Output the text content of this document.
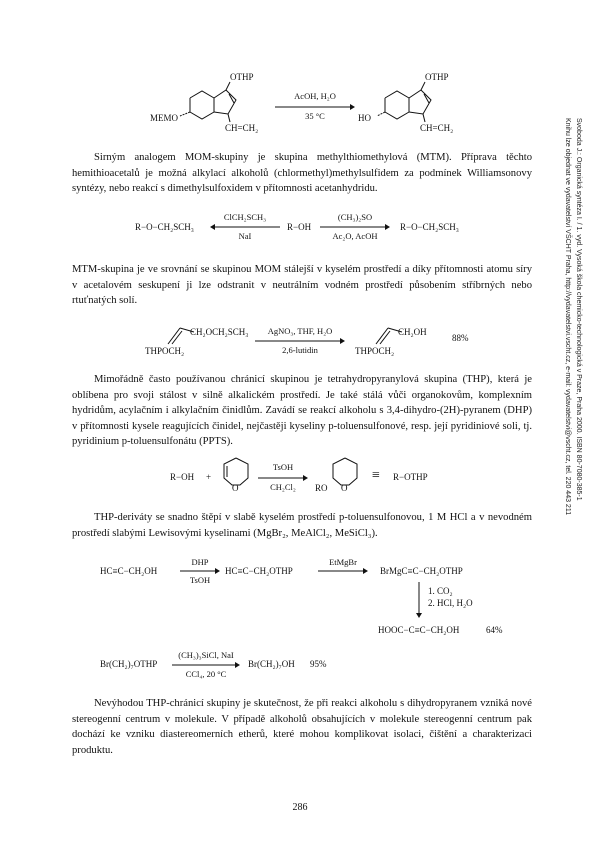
OTHP
MEMO
CH=CH₂
AcOH, H₂O
35 °C
OTHP
HO
CH=CH₂

Sirným analogem MOM-skupiny je skupina methylthiomethylová (MTM). Příprava těchto hemithioacetalů je možná alkylací alkoholů (chlormethyl)methylsulfidem za podmínek Williamsonovy syntézy, nebo reakcí s dimethylsulfoxidem v přítomnosti acetanhydridu.

R−O−CH₂SCH₃
ClCH₂SCH₃
NaI
R−OH
(CH₃)₂SO
Ac₂O, AcOH
R−O−CH₂SCH₃

MTM-skupina je ve srovnání se skupinou MOM stálejší v kyselém prostředí a díky přítomnosti atomu síry v acetalovém seskupení ji lze odstranit v neutrálním vodném prostředí působením stříbrných nebo rtuťnatých solí.

CH₂OCH₂SCH₃
THPOCH₂
AgNO₃, THF, H₂O
2,6-lutidin
CH₂OH
THPOCH₂
88%

Mimořádně často používanou chránicí skupinou je tetrahydropyranylová skupina (THP), která je oblíbena pro svoji stálost v silně alkalickém prostředí. Je také stálá vůči organokovům, komplexním hydridům, acylačním i alkylačním činidlům. Zavádí se reakcí alkoholu s 3,4-dihydro-(2H)-pyranem (DHP) v přítomnosti kysele reagujících činidel, nejčastěji kyseliny p-toluensulfonové, resp. její pyridiniové soli, tj. pyridinium p-toluensulfonátu (PPTS).

R−OH +
O
TsOH
CH₂Cl₂	RO O
≡ R−OTHP

THP-deriváty se snadno štěpí v slabě kyselém prostředí p-toluensulfonovou, 1 M HCl a v nevodném prostředí slabými Lewisovými kyselinami (MgBr₂, MeAlCl₂, MeSiCl₃).

HC≡C−CH₂OH
DHP
TsOH
HC≡C−CH₂OTHP
EtMgBr
→ BrMgC≡C−CH₂OTHP
1. CO₂
2. HCl, H₂O
HOOC−C≡C−CH₂OH	64%
Br(CH₂)₇OTHP
(CH₃)₃SiCl, NaI
CCl₄, 20 °C
Br(CH₂)₇OH 95%

Nevýhodou THP-chránicí skupiny je skutečnost, že při reakci alkoholu s dihydropyranem vzniká nové stereogenní centrum v molekule. V případě alkoholů obsahujících v molekule stereogenní centrum pak dochází ke vzniku diastereomerních etherů, které mohou komplikovat isolaci, čištění a charakterizaci produktu.

286
Svoboda J.: Organická syntéza I. / 1. vyd. Vysoká škola chemicko-technologická v Praze, Praha 2000. ISBN 80-7080-385-1
Knihu lze objednat ve vydavatelství VŠCHT Praha, http://vydavatelstvi.vscht.cz, e-mail: vydavatelstvi@vscht.cz, tel. 220 443 211
